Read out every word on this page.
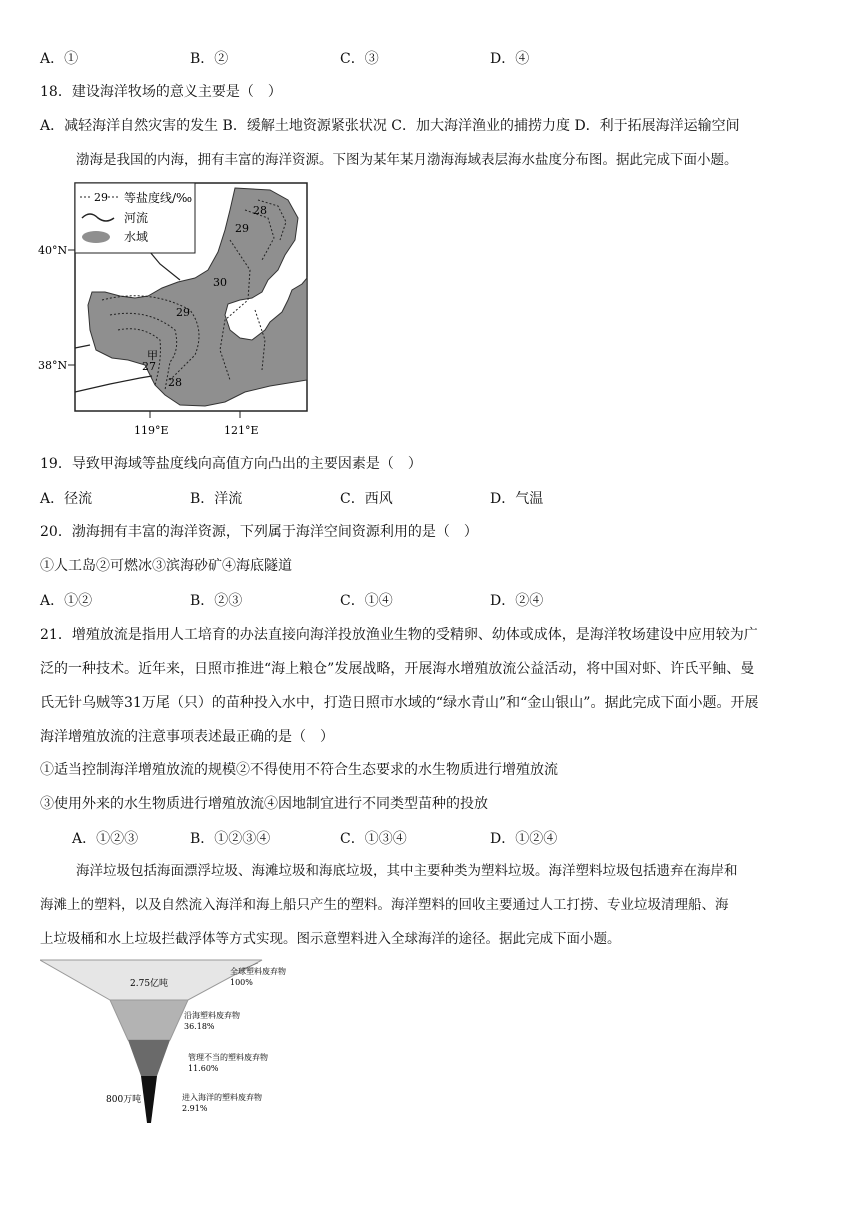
A．①	B．②	C．③	D．④
18．建设海洋牧场的意义主要是（　）
A．减轻海洋自然灾害的发生 B．缓解土地资源紧张状况 C．加大海洋渔业的捕捞力度 D．利于拓展海洋运输空间
渤海是我国的内海，拥有丰富的海洋资源。下图为某年某月渤海海域表层海水盐度分布图。据此完成下面小题。
29 等盐度线/‰
河流
水域
40°N
38°N
119°E	121°E
28
29
30
29
28
27
甲
19．导致甲海域等盐度线向高值方向凸出的主要因素是（　）
A．径流	B．洋流	C．西风	D．气温
20．渤海拥有丰富的海洋资源，下列属于海洋空间资源利用的是（　）
①人工岛②可燃冰③滨海砂矿④海底隧道
A．①②	B．②③	C．①④	D．②④
21．增殖放流是指用人工培育的办法直接向海洋投放渔业生物的受精卵、幼体或成体，是海洋牧场建设中应用较为广
泛的一种技术。近年来，日照市推进“海上粮仓”发展战略，开展海水增殖放流公益活动，将中国对虾、许氏平鲉、曼
氏无针乌贼等31万尾（只）的苗种投入水中，打造日照市水域的“绿水青山”和“金山银山”。据此完成下面小题。开展
海洋增殖放流的注意事项表述最正确的是（　）
①适当控制海洋增殖放流的规模②不得使用不符合生态要求的水生物质进行增殖放流
③使用外来的水生物质进行增殖放流④因地制宜进行不同类型苗种的投放
A．①②③	B．①②③④	C．①③④	D．①②④
海洋垃圾包括海面漂浮垃圾、海滩垃圾和海底垃圾，其中主要种类为塑料垃圾。海洋塑料垃圾包括遗弃在海岸和
海滩上的塑料，以及自然流入海洋和海上船只产生的塑料。海洋塑料的回收主要通过人工打捞、专业垃圾清理船、海
上垃圾桶和水上垃圾拦截浮体等方式实现。图示意塑料进入全球海洋的途径。据此完成下面小题。
2.75亿吨
800万吨
全球塑料废弃物
100%
沿海塑料废弃物
36.18%
管理不当的塑料废弃物
11.60%
进入海洋的塑料废弃物
2.91%
